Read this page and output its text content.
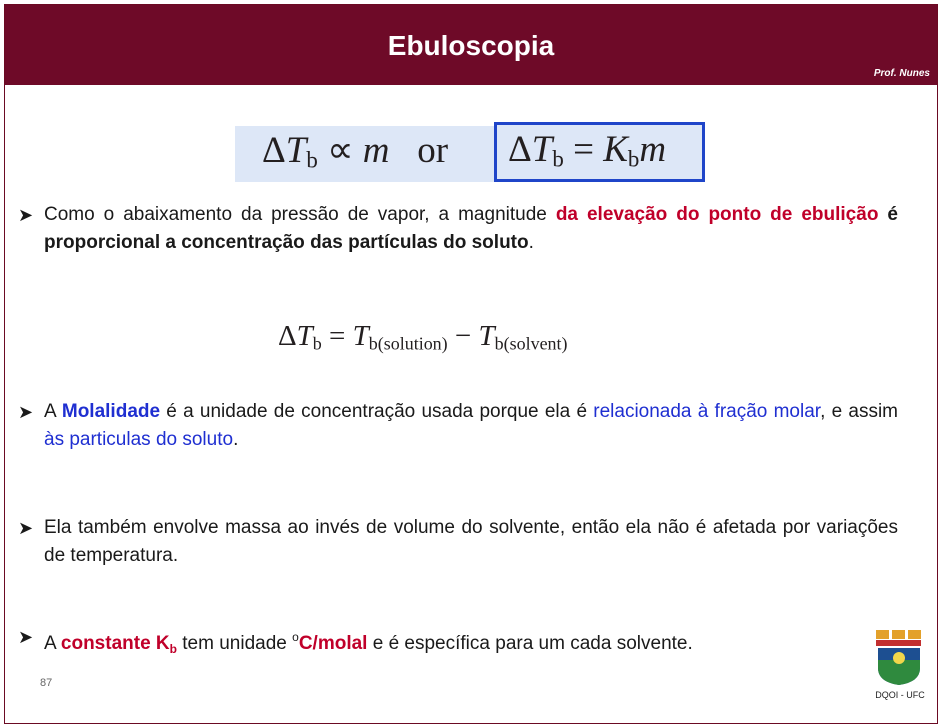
Ebuloscopia
Prof. Nunes
$\Delta T_b \propto m$ or $\Delta T_b = K_bm$
$\Delta T_b = T_{b(solution)} - T_{b(solvent)}$
➤ Como o abaixamento da pressão de vapor, a magnitude da elevação do ponto de ebulição é proporcional a concentração das partículas do soluto.
➤ A Molalidade é a unidade de concentração usada porque ela é relacionada à fração molar, e assim às particulas do soluto.
➤ Ela também envolve massa ao invés de volume do solvente, então ela não é afetada por variações de temperatura.
➤ A constante $K_b$ tem unidade $^o$C/molal e é específica para um cada solvente.
87
DQOI - UFC
